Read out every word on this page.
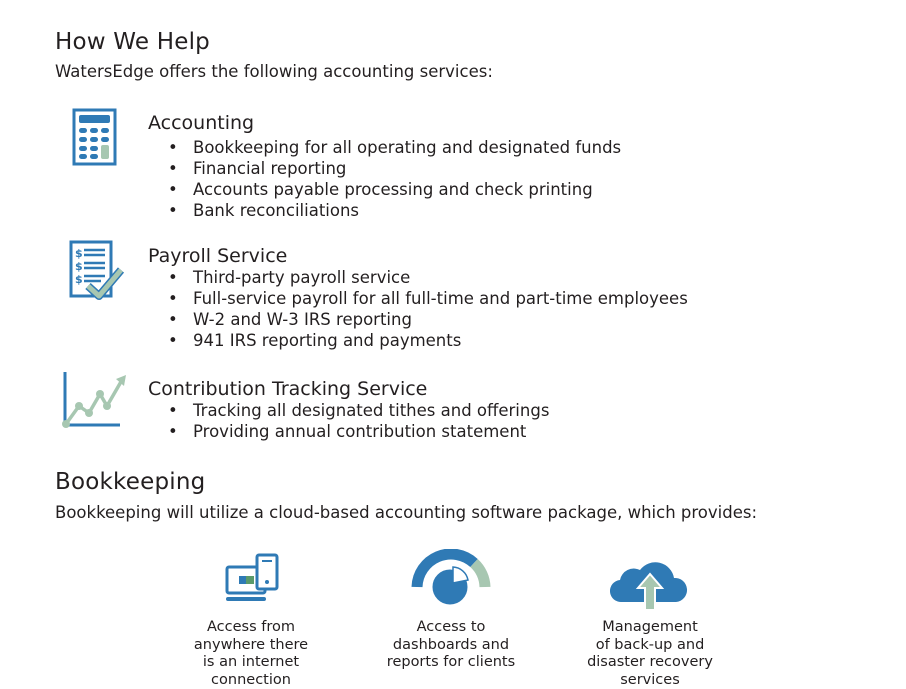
How We Help
WatersEdge offers the following accounting services:
Accounting
• Bookkeeping for all operating and designated funds
• Financial reporting
• Accounts payable processing and check printing
• Bank reconciliations
$
$
$
Payroll Service
• Third-party payroll service
• Full-service payroll for all full-time and part-time employees
• W-2 and W-3 IRS reporting
• 941 IRS reporting and payments
Contribution Tracking Service
• Tracking all designated tithes and offerings
• Providing annual contribution statement
Bookkeeping
Bookkeeping will utilize a cloud-based accounting software package, which provides:
Access from
anywhere there
is an internet
connection
Access to
dashboards and
reports for clients
Management
of back-up and
disaster recovery
services
